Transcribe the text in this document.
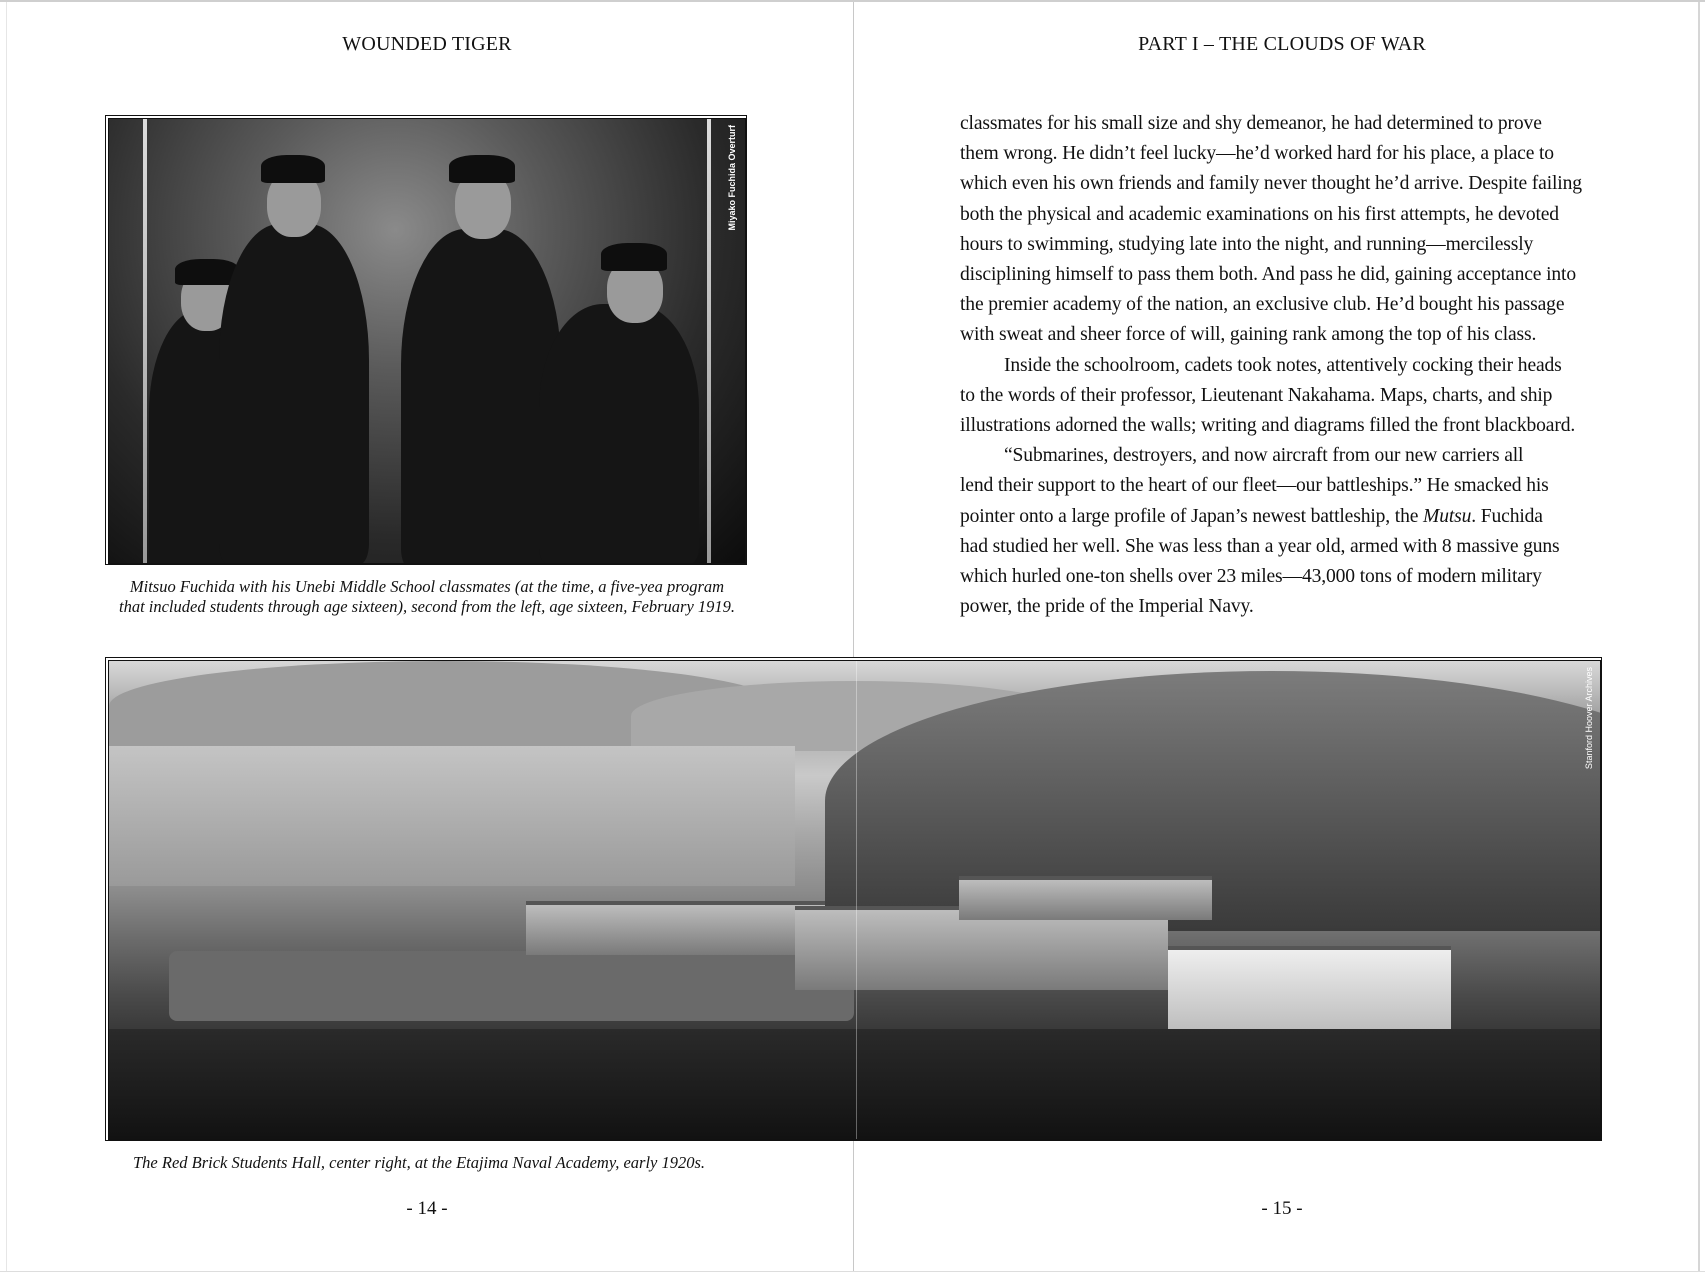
WOUNDED TIGER	PART I – THE CLOUDS OF WAR
Miyako Fuchida Overturf
Mitsuo Fuchida with his Unebi Middle School classmates (at the time, a five-yea program
that included students through age sixteen), second from the left, age sixteen, February 1919.
classmates for his small size and shy demeanor, he had determined to prove
them wrong. He didn’t feel lucky—he’d worked hard for his place, a place to
which even his own friends and family never thought he’d arrive. Despite failing
both the physical and academic examinations on his first attempts, he devoted
hours to swimming, studying late into the night, and running—mercilessly
disciplining himself to pass them both. And pass he did, gaining acceptance into
the premier academy of the nation, an exclusive club. He’d bought his passage
with sweat and sheer force of will, gaining rank among the top of his class.
Inside the schoolroom, cadets took notes, attentively cocking their heads
to the words of their professor, Lieutenant Nakahama. Maps, charts, and ship
illustrations adorned the walls; writing and diagrams filled the front blackboard.
“Submarines, destroyers, and now aircraft from our new carriers all
lend their support to the heart of our fleet—our battleships.” He smacked his
pointer onto a large profile of Japan’s newest battleship, the Mutsu. Fuchida
had studied her well. She was less than a year old, armed with 8 massive guns
which hurled one-ton shells over 23 miles—43,000 tons of modern military
power, the pride of the Imperial Navy.
Stanford Hoover Archives
The Red Brick Students Hall, center right, at the Etajima Naval Academy, early 1920s.
- 14 -	- 15 -
